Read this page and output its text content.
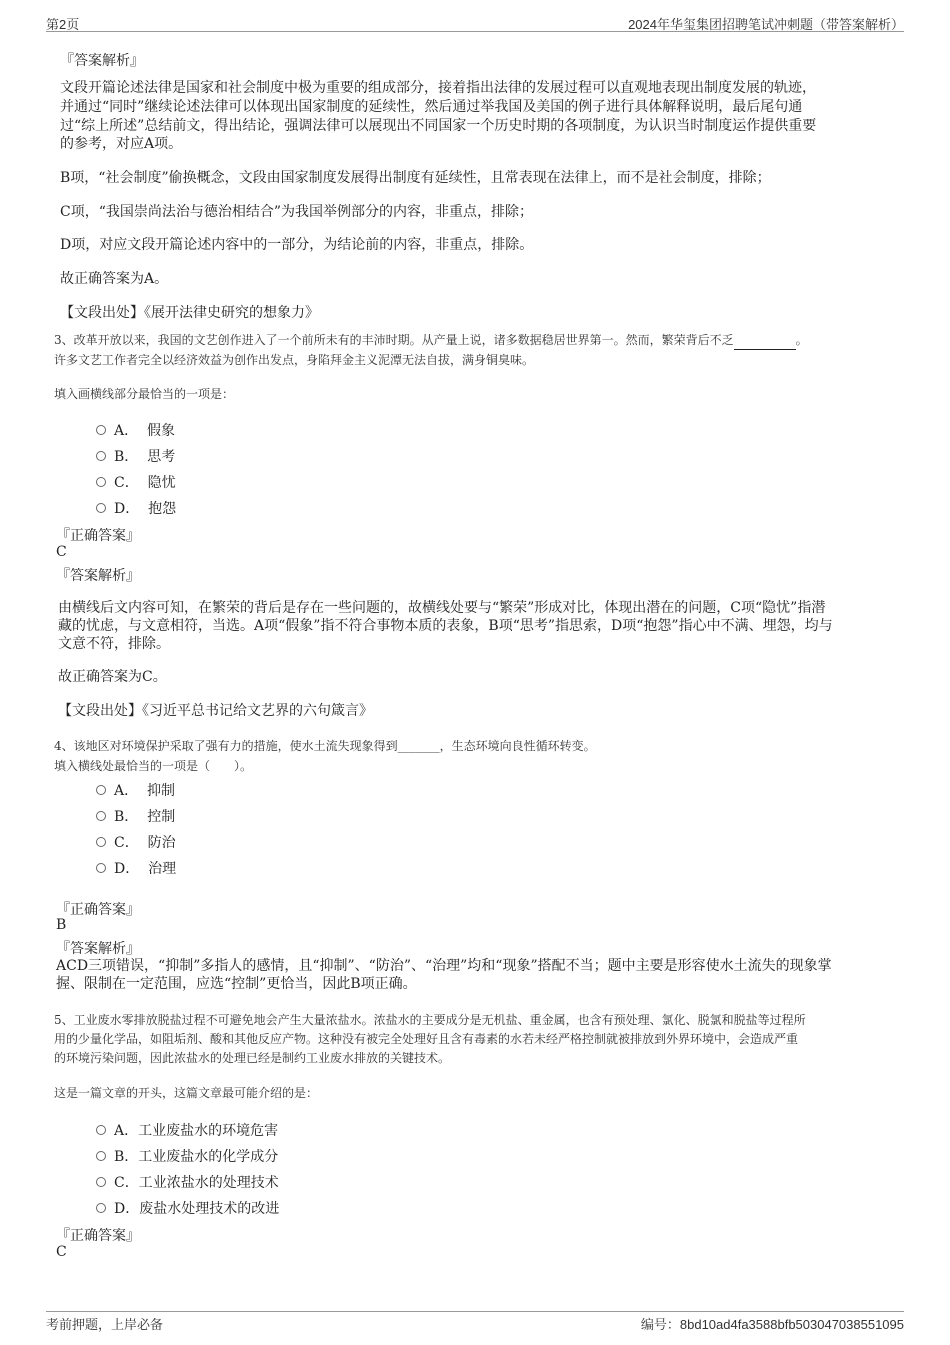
第2页	2024年华玺集团招聘笔试冲刺题（带答案解析）
『答案解析』
文段开篇论述法律是国家和社会制度中极为重要的组成部分，接着指出法律的发展过程可以直观地表现出制度发展的轨迹，
并通过“同时”继续论述法律可以体现出国家制度的延续性，然后通过举我国及美国的例子进行具体解释说明，最后尾句通
过“综上所述”总结前文，得出结论，强调法律可以展现出不同国家一个历史时期的各项制度，为认识当时制度运作提供重要
的参考，对应A项。
B项，“社会制度”偷换概念，文段由国家制度发展得出制度有延续性，且常表现在法律上，而不是社会制度，排除；
C项，“我国崇尚法治与德治相结合”为我国举例部分的内容，非重点，排除；
D项，对应文段开篇论述内容中的一部分，为结论前的内容，非重点，排除。
故正确答案为A。
【文段出处】《展开法律史研究的想象力》
3、改革开放以来，我国的文艺创作进入了一个前所未有的丰沛时期。从产量上说，诸多数据稳居世界第一。然而，繁荣背后不乏	。
许多文艺工作者完全以经济效益为创作出发点，身陷拜金主义泥潭无法自拔，满身铜臭味。
填入画横线部分最恰当的一项是：
A． 假象
B． 思考
C． 隐忧
D． 抱怨
『正确答案』
C
『答案解析』
由横线后文内容可知，在繁荣的背后是存在一些问题的，故横线处要与“繁荣”形成对比，体现出潜在的问题，C项“隐忧”指潜
藏的忧虑，与文意相符，当选。A项“假象”指不符合事物本质的表象，B项“思考”指思索，D项“抱怨”指心中不满、埋怨，均与
文意不符，排除。
故正确答案为C。
【文段出处】《习近平总书记给文艺界的六句箴言》
4、该地区对环境保护采取了强有力的措施，使水土流失现象得到_______，生态环境向良性循环转变。
填入横线处最恰当的一项是（　　）。
A． 抑制
B． 控制
C． 防治
D． 治理
『正确答案』
B
『答案解析』
ACD三项错误，“抑制”多指人的感情，且“抑制”、“防治”、“治理”均和“现象”搭配不当；题中主要是形容使水土流失的现象掌
握、限制在一定范围，应选“控制”更恰当，因此B项正确。
5、工业废水零排放脱盐过程不可避免地会产生大量浓盐水。浓盐水的主要成分是无机盐、重金属，也含有预处理、氯化、脱氯和脱盐等过程所
用的少量化学品，如阻垢剂、酸和其他反应产物。这种没有被完全处理好且含有毒素的水若未经严格控制就被排放到外界环境中，会造成严重
的环境污染问题，因此浓盐水的处理已经是制约工业废水排放的关键技术。
这是一篇文章的开头，这篇文章最可能介绍的是：
A．工业废盐水的环境危害
B．工业废盐水的化学成分
C．工业浓盐水的处理技术
D．废盐水处理技术的改进
『正确答案』
C
考前押题，上岸必备	编号：8bd10ad4fa3588bfb503047038551095
